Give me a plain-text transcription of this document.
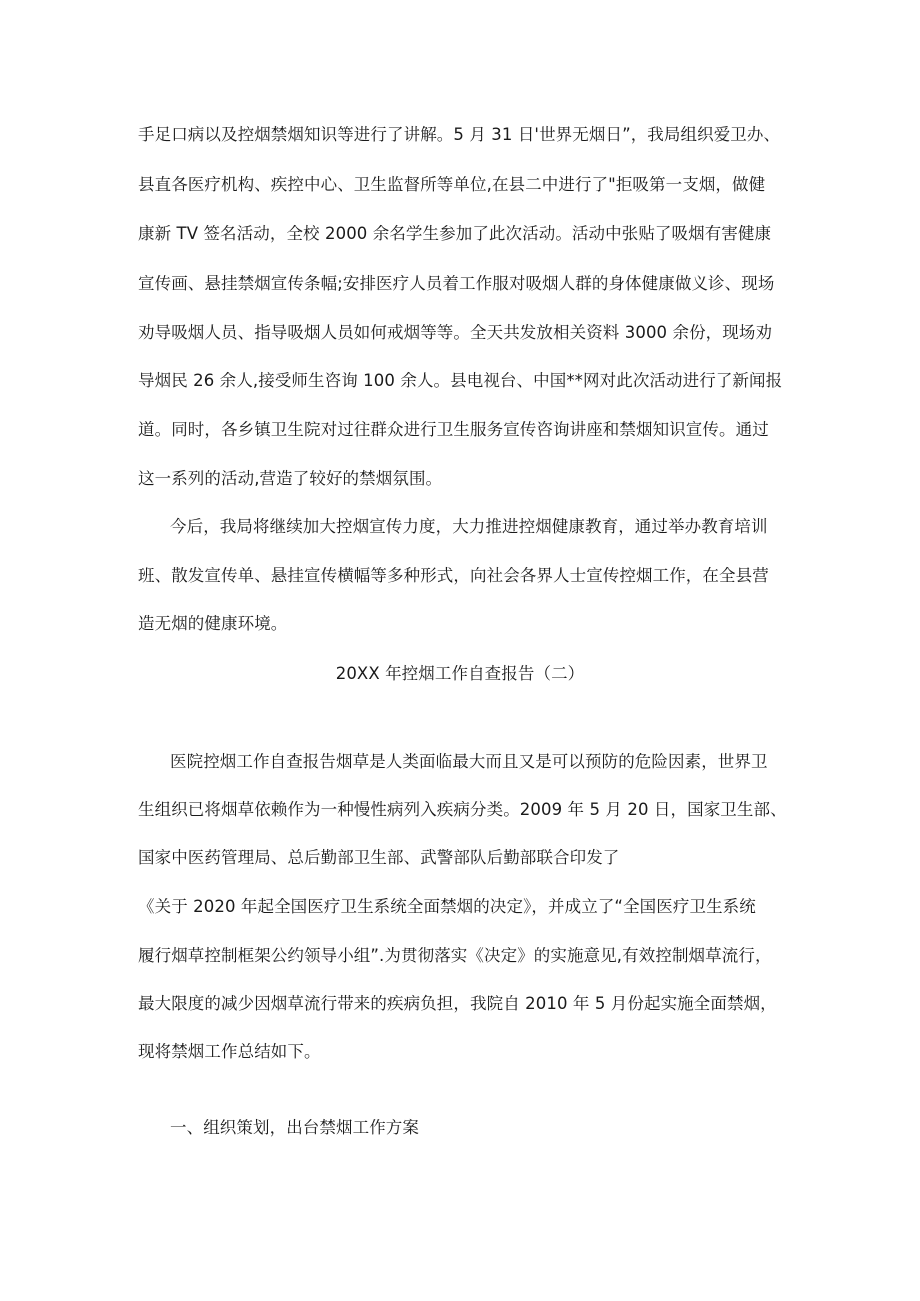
手足口病以及控烟禁烟知识等进行了讲解。5 月 31 日'世界无烟日”，我局组织爱卫办、
县直各医疗机构、疾控中心、卫生监督所等单位,在县二中进行了"拒吸第一支烟，做健
康新 TV 签名活动，全校 2000 余名学生参加了此次活动。活动中张贴了吸烟有害健康
宣传画、悬挂禁烟宣传条幅;安排医疗人员着工作服对吸烟人群的身体健康做义诊、现场
劝导吸烟人员、指导吸烟人员如何戒烟等等。全天共发放相关资料 3000 余份，现场劝
导烟民 26 余人,接受师生咨询 100 余人。县电视台、中国**网对此次活动进行了新闻报
道。同时，各乡镇卫生院对过往群众进行卫生服务宣传咨询讲座和禁烟知识宣传。通过
这一系列的活动,营造了较好的禁烟氛围。
今后，我局将继续加大控烟宣传力度，大力推进控烟健康教育，通过举办教育培训
班、散发宣传单、悬挂宣传横幅等多种形式，向社会各界人士宣传控烟工作，在全县营
造无烟的健康环境。
20XX 年控烟工作自查报告（二）
医院控烟工作自查报告烟草是人类面临最大而且又是可以预防的危险因素，世界卫
生组织已将烟草依赖作为一种慢性病列入疾病分类。2009 年 5 月 20 日，国家卫生部、
国家中医药管理局、总后勤部卫生部、武警部队后勤部联合印发了
《关于 2020 年起全国医疗卫生系统全面禁烟的决定》，并成立了“全国医疗卫生系统
履行烟草控制框架公约领导小组”.为贯彻落实《决定》的实施意见,有效控制烟草流行，
最大限度的减少因烟草流行带来的疾病负担，我院自 2010 年 5 月份起实施全面禁烟，
现将禁烟工作总结如下。
一、组织策划，出台禁烟工作方案
